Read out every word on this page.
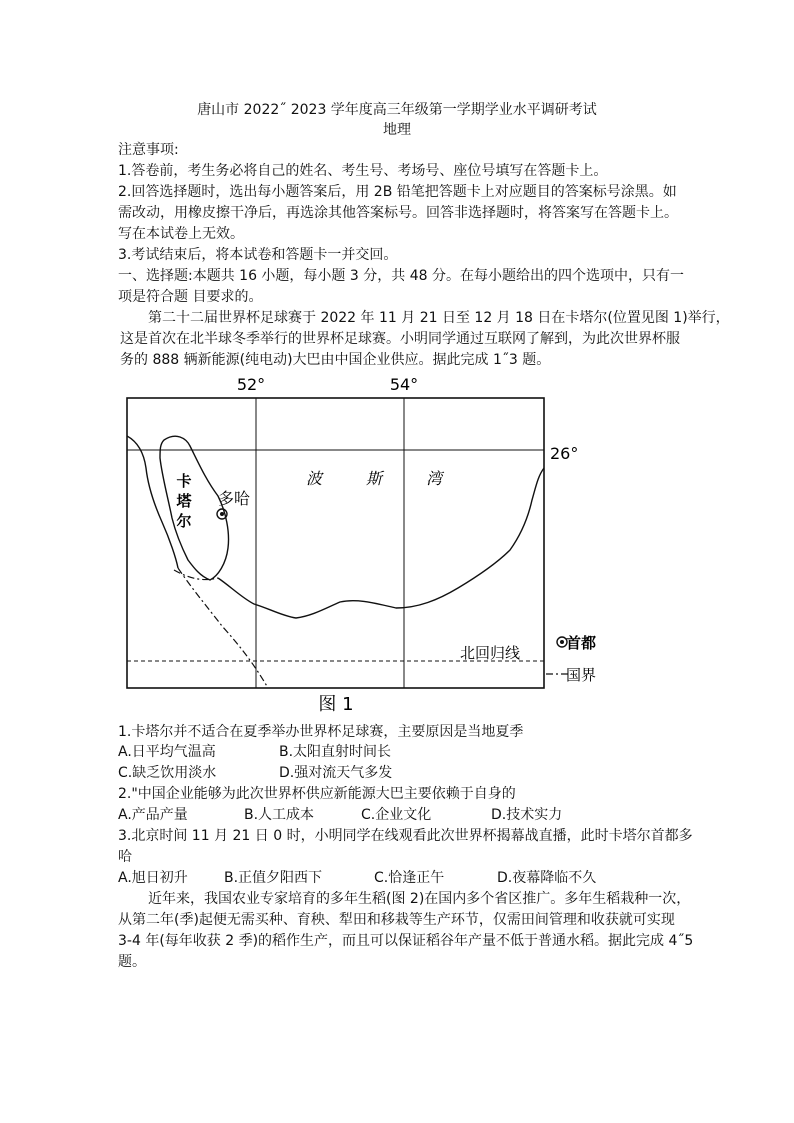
唐山市 2022˝ 2023 学年度高三年级第一学期学业水平调研考试
地理
注意事项:
1.答卷前，考生务必将自己的姓名、考生号、考场号、座位号填写在答题卡上。
2.回答选择题时，选出每小题答案后，用 2B 铅笔把答题卡上对应题目的答案标号涂黑。如
需改动，用橡皮擦干净后，再选涂其他答案标号。回答非选择题时，将答案写在答题卡上。
写在本试卷上无效。
3.考试结束后，将本试卷和答题卡一并交回。
一、选择题:本题共 16 小题，每小题 3 分，共 48 分。在每小题给出的四个选项中，只有一
项是符合题 目要求的。
第二十二届世界杯足球赛于 2022 年 11 月 21 日至 12 月 18 日在卡塔尔(位置见图 1)举行，
这是首次在北半球冬季举行的世界杯足球赛。小明同学通过互联网了解到，为此次世界杯服
务的 888 辆新能源(纯电动)大巴由中国企业供应。据此完成 1˝3 题。
52°	54°
26°
卡
塔
尔
多哈
波	斯	湾
北回归线
首都
国界
图 1
1.卡塔尔并不适合在夏季举办世界杯足球赛，主要原因是当地夏季
A.日平均气温高	B.太阳直射时间长
C.缺乏饮用淡水	D.强对流天气多发
2."中国企业能够为此次世界杯供应新能源大巴主要依赖于自身的
A.产品产量	B.人工成本	C.企业文化	D.技术实力
3.北京时间 11 月 21 日 0 时，小明同学在线观看此次世界杯揭幕战直播，此时卡塔尔首都多
哈
A.旭日初升	B.正值夕阳西下	C.恰逢正午	D.夜幕降临不久
近年来，我国农业专家培育的多年生稻(图 2)在国内多个省区推广。多年生稻栽种一次，
从第二年(季)起便无需买种、育秧、犁田和移栽等生产环节，仅需田间管理和收获就可实现
3-4 年(每年收获 2 季)的稻作生产，而且可以保证稻谷年产量不低于普通水稻。据此完成 4˝5
题。
